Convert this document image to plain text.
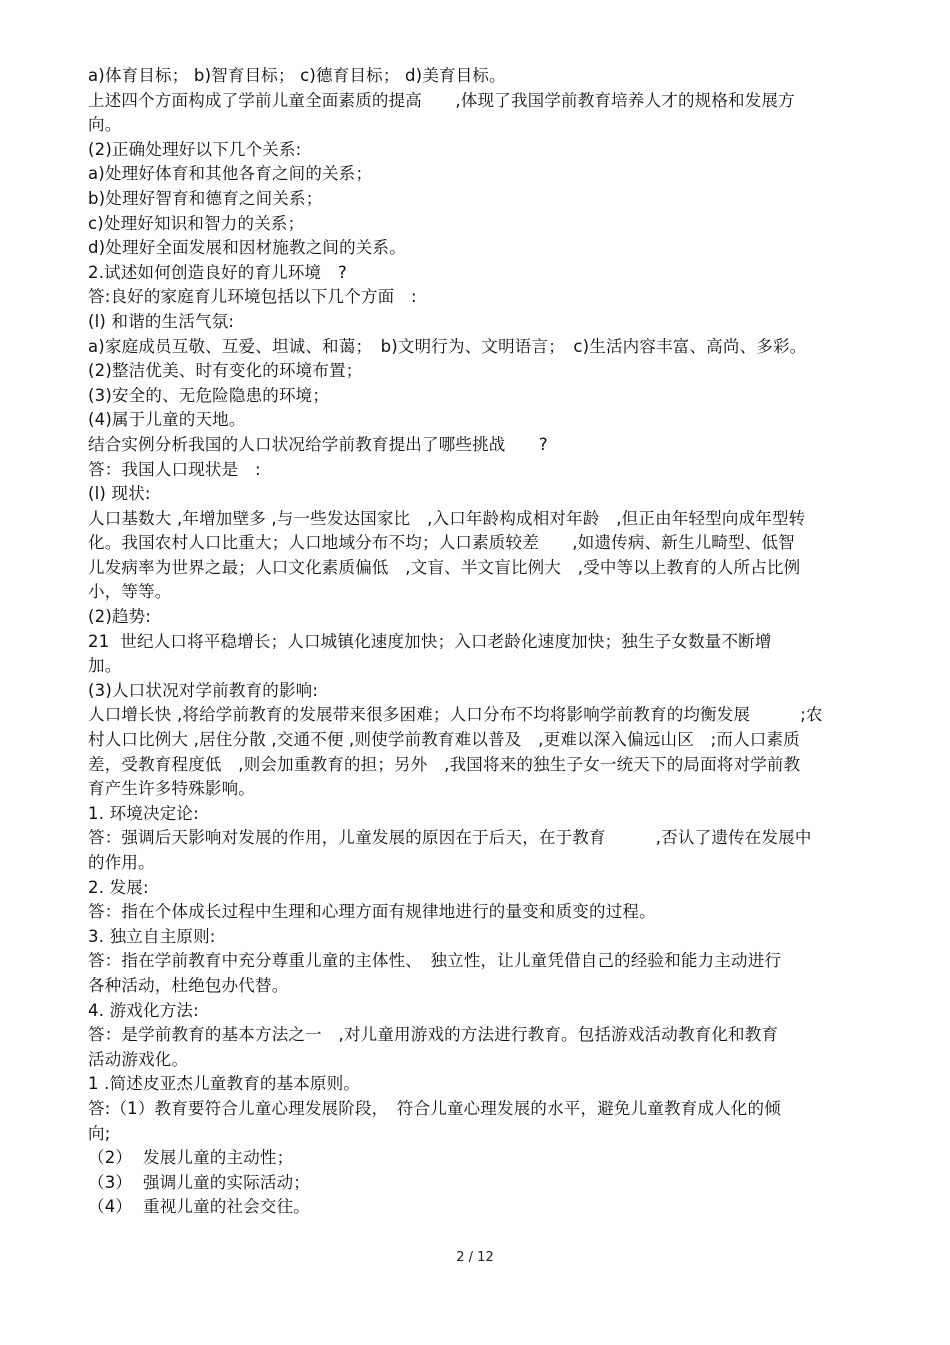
a)体育目标； b)智育目标； c)德育目标； d)美育目标。
上述四个方面构成了学前儿童全面素质的提高　　,体现了我国学前教育培养人才的规格和发展方
向。
(2)正确处理好以下几个关系:
a)处理好体育和其他各育之间的关系；
b)处理好智育和德育之间关系；
c)处理好知识和智力的关系；
d)处理好全面发展和因材施教之间的关系。
2.试述如何创造良好的育儿环境　?
答:良好的家庭育儿环境包括以下几个方面　:
(l) 和谐的生活气氛:
a)家庭成员互敬、互爱、坦诚、和蔼；　b)文明行为、文明语言；　c)生活内容丰富、高尚、多彩。
(2)整洁优美、时有变化的环境布置；
(3)安全的、无危险隐患的环境；
(4)属于儿童的天地。
结合实例分析我国的人口状况给学前教育提出了哪些挑战　　?
答：我国人口现状是　:
(l) 现状:
人口基数大 ,年增加壁多 ,与一些发达国家比　,入口年龄构成相对年龄　,但正由年轻型向成年型转
化。我国农村人口比重大；人口地域分布不均；人口素质较差　　,如遗传病、新生儿畸型、低智
儿发病率为世界之最；人口文化素质偏低　,文盲、半文盲比例大　,受中等以上教育的人所占比例
小，等等。
(2)趋势:
21  世纪人口将平稳增长；人口城镇化速度加快；入口老龄化速度加快；独生子女数量不断增
加。
(3)人口状况对学前教育的影响:
人口增长快 ,将给学前教育的发展带来很多困难；人口分布不均将影响学前教育的均衡发展　　　;农
村人口比例大 ,居住分散 ,交通不便 ,则使学前教育难以普及　,更难以深入偏远山区　;而人口素质
差，受教育程度低　,则会加重教育的担；另外　,我国将来的独生子女一统天下的局面将对学前教
育产生许多特殊影响。
1. 环境决定论:
答：强调后天影响对发展的作用，儿童发展的原因在于后天，在于教育　　　,否认了遗传在发展中
的作用。
2. 发展:
答：指在个体成长过程中生理和心理方面有规律地进行的量变和质变的过程。
3. 独立自主原则:
答：指在学前教育中充分尊重儿童的主体性、　独立性，让儿童凭借自己的经验和能力主动进行
各种活动，杜绝包办代替。
4. 游戏化方法:
答：是学前教育的基本方法之一　,对儿童用游戏的方法进行教育。包括游戏活动教育化和教育
活动游戏化。
1 .简述皮亚杰儿童教育的基本原则。
答:（1）教育要符合儿童心理发展阶段，　符合儿童心理发展的水平，避免儿童教育成人化的倾
向;
（2）  发展儿童的主动性；
（3）  强调儿童的实际活动；
（4）  重视儿童的社会交往。
2 / 12
